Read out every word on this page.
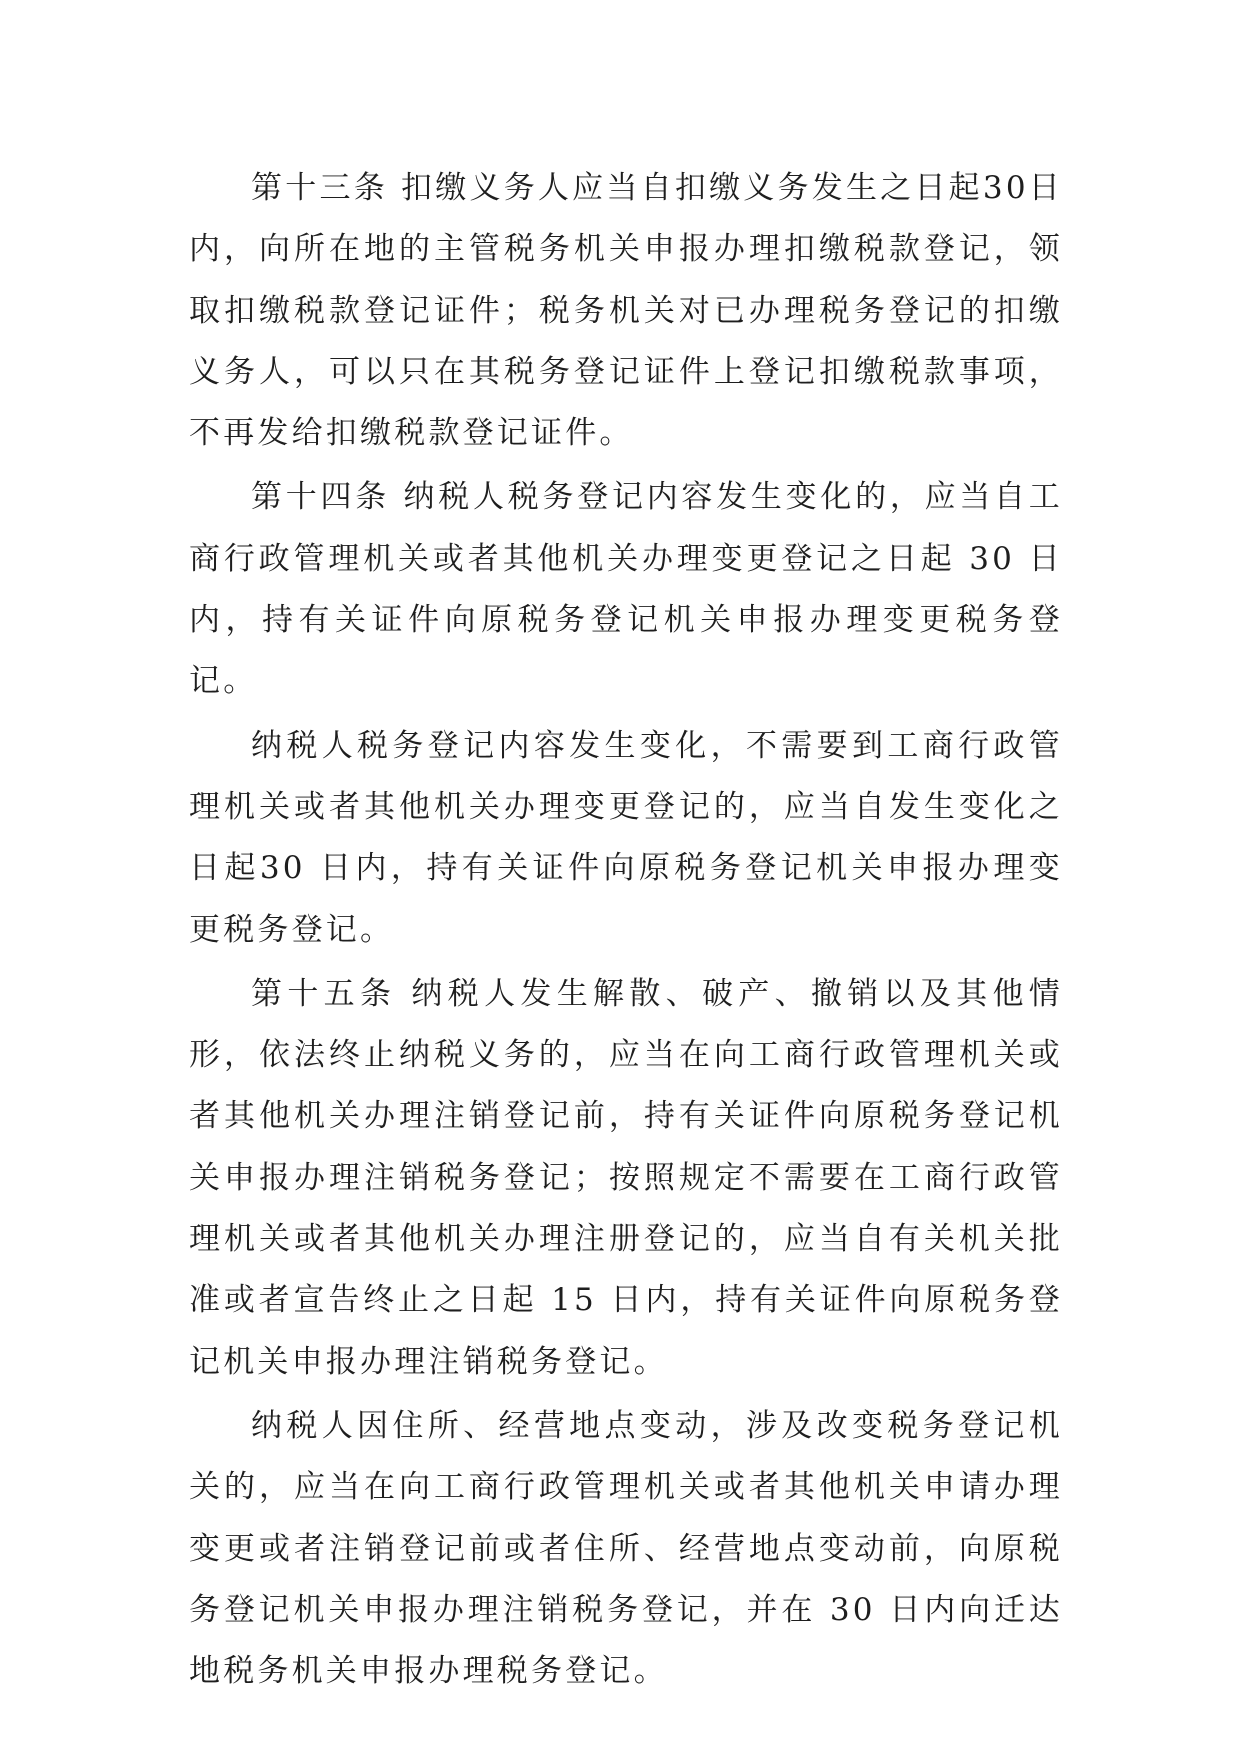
第十三条 扣缴义务人应当自扣缴义务发生之日起30日内，向所在地的主管税务机关申报办理扣缴税款登记，领取扣缴税款登记证件；税务机关对已办理税务登记的扣缴义务人，可以只在其税务登记证件上登记扣缴税款事项，不再发给扣缴税款登记证件。

第十四条 纳税人税务登记内容发生变化的，应当自工商行政管理机关或者其他机关办理变更登记之日起 30 日内，持有关证件向原税务登记机关申报办理变更税务登记。

纳税人税务登记内容发生变化，不需要到工商行政管理机关或者其他机关办理变更登记的，应当自发生变化之日起30 日内，持有关证件向原税务登记机关申报办理变更税务登记。

第十五条 纳税人发生解散、破产、撤销以及其他情形，依法终止纳税义务的，应当在向工商行政管理机关或者其他机关办理注销登记前，持有关证件向原税务登记机关申报办理注销税务登记；按照规定不需要在工商行政管理机关或者其他机关办理注册登记的，应当自有关机关批准或者宣告终止之日起 15 日内，持有关证件向原税务登记机关申报办理注销税务登记。

纳税人因住所、经营地点变动，涉及改变税务登记机关的，应当在向工商行政管理机关或者其他机关申请办理变更或者注销登记前或者住所、经营地点变动前，向原税务登记机关申报办理注销税务登记，并在 30 日内向迁达地税务机关申报办理税务登记。
